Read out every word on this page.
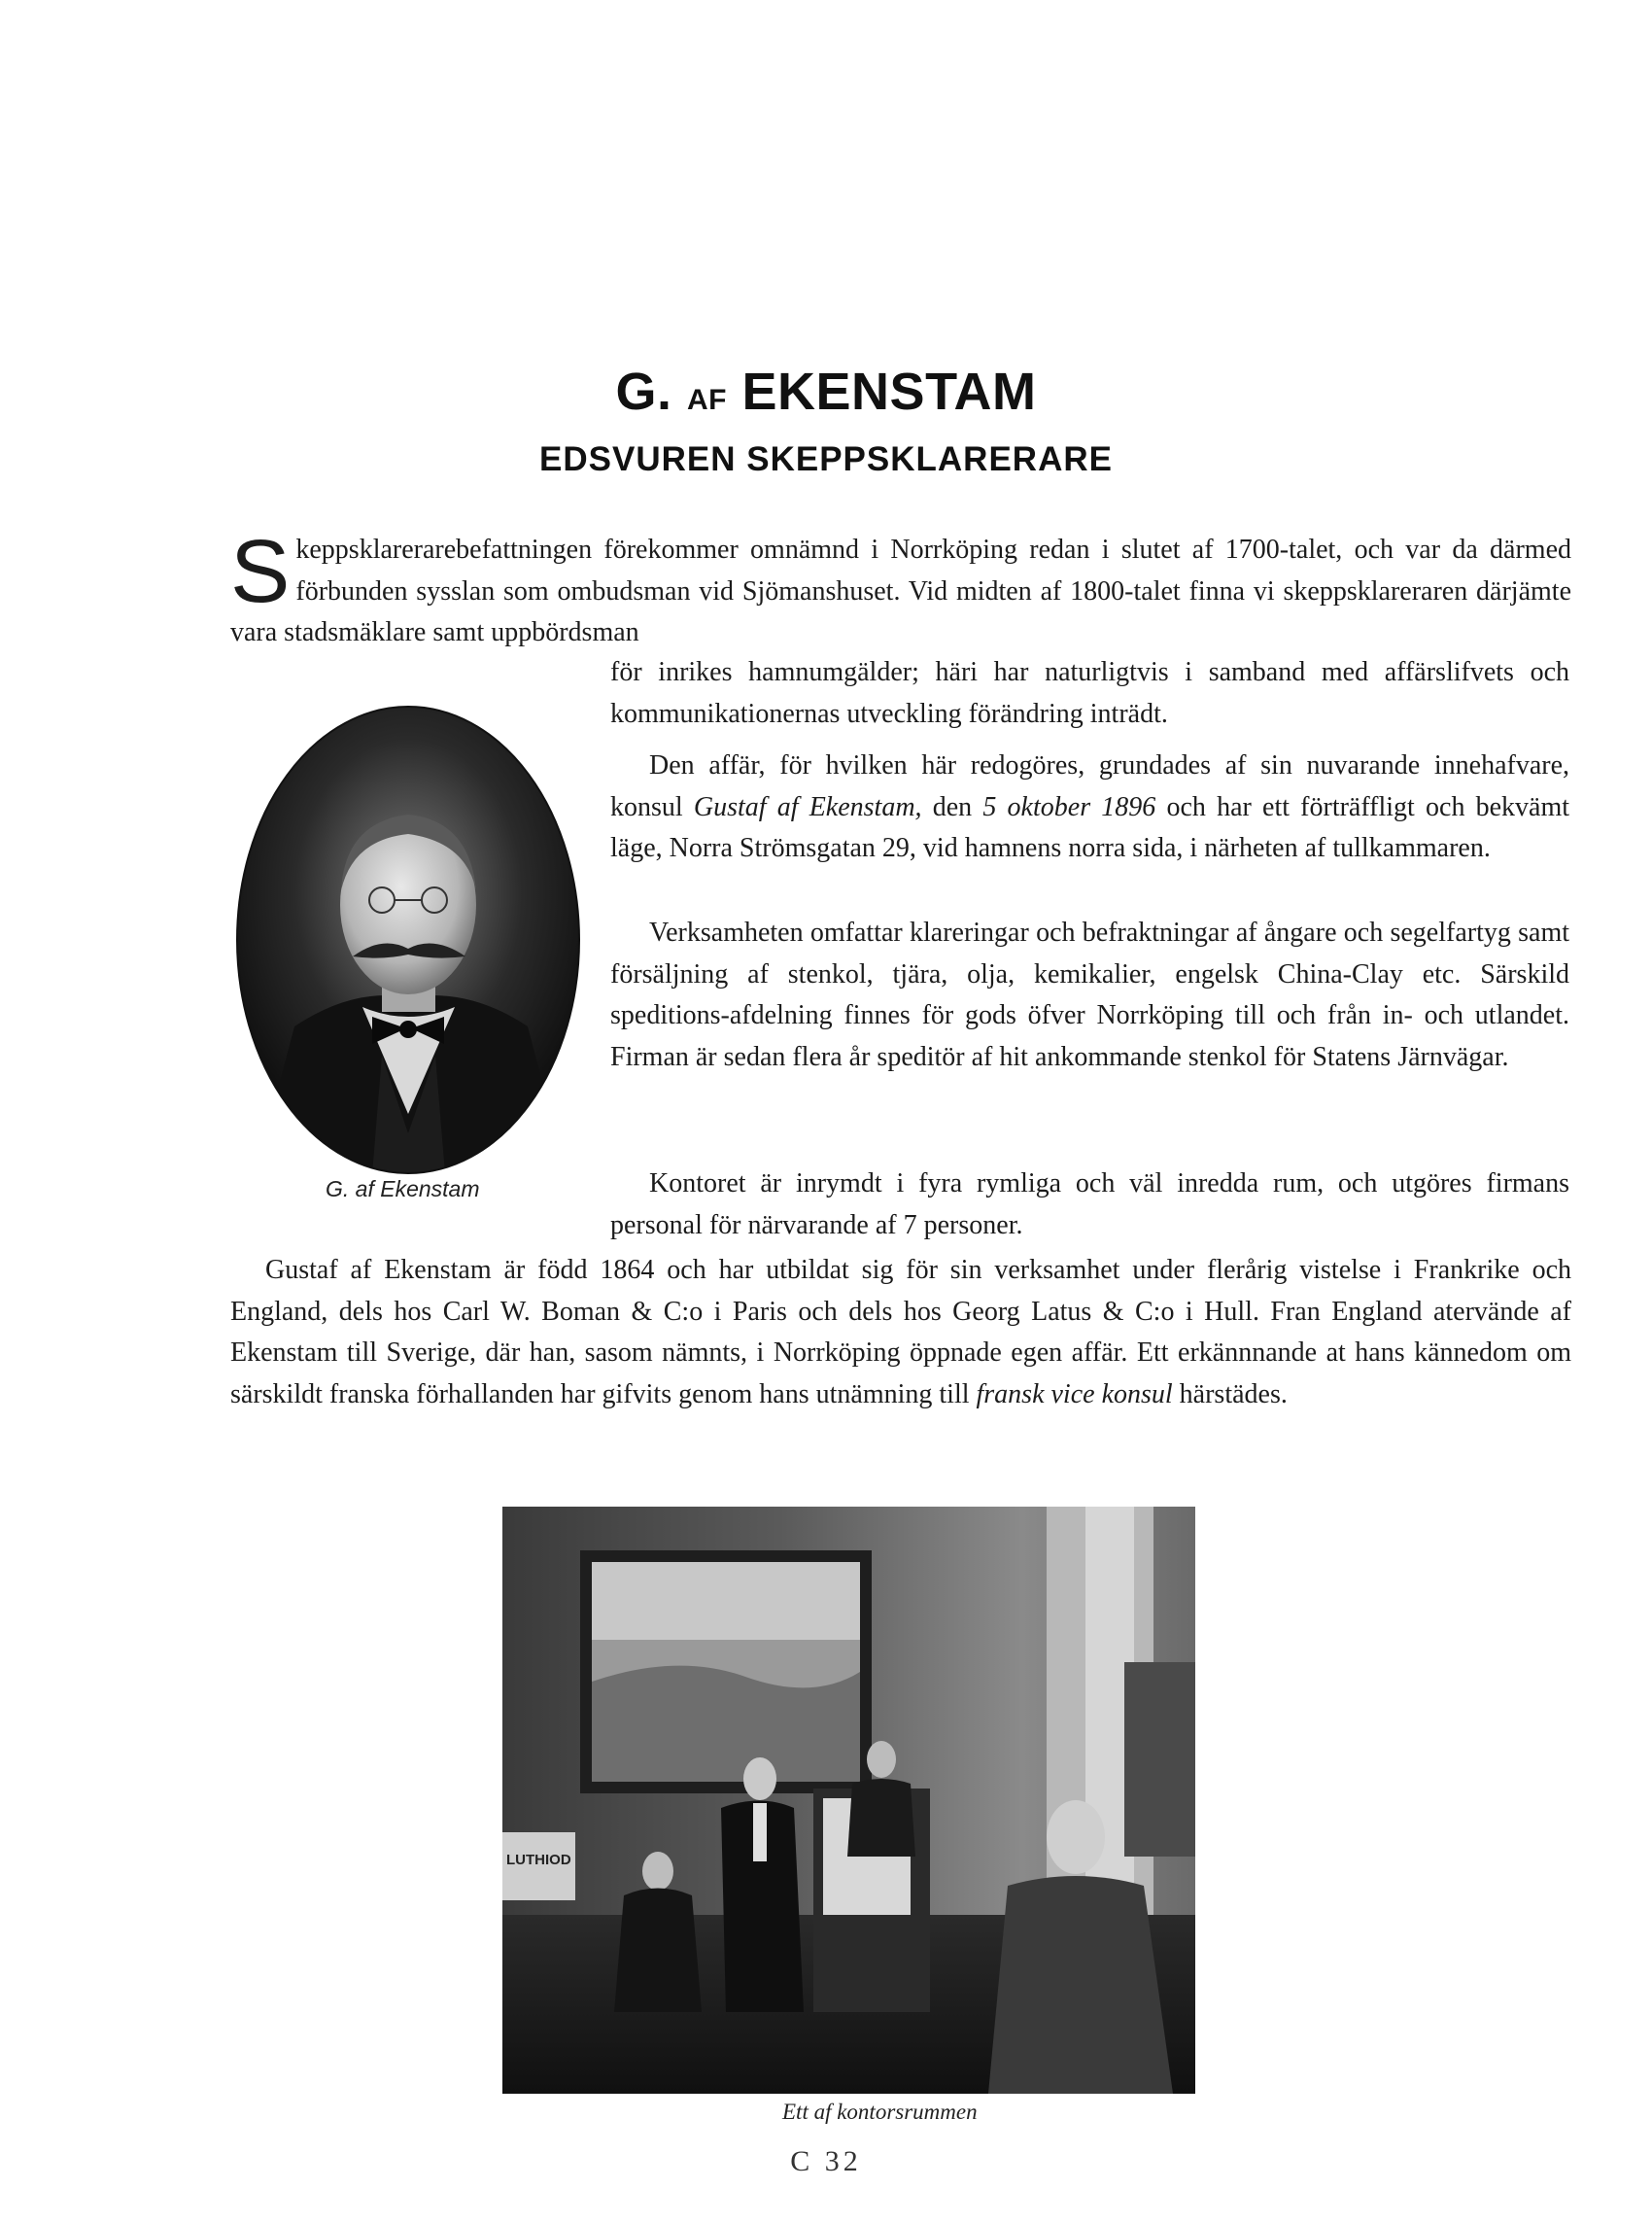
G. AF EKENSTAM
EDSVUREN SKEPPSKLARERARE

Skeppsklarerarebefattningen förekommer omnämnd i Norrköping redan i slutet af 1700-talet, och var da därmed förbunden sysslan som ombudsman vid Sjömanshuset. Vid midten af 1800-talet finna vi skeppsklareraren därjämte vara stadsmäklare samt uppbördsman

G. af Ekenstam

för inrikes hamnumgälder; häri har naturligtvis i samband med affärslifvets och kommunikationernas utveckling förändring inträdt.

Den affär, för hvilken här redogöres, grundades af sin nuvarande innehafvare, konsul Gustaf af Ekenstam, den 5 oktober 1896 och har ett förträffligt och bekvämt läge, Norra Strömsgatan 29, vid hamnens norra sida, i närheten af tullkammaren.

Verksamheten omfattar klareringar och befraktningar af ångare och segelfartyg samt försäljning af stenkol, tjära, olja, kemikalier, engelsk China-Clay etc. Särskild speditions-afdelning finnes för gods öfver Norrköping till och från in- och utlandet. Firman är sedan flera år speditör af hit ankommande stenkol för Statens Järnvägar.

Kontoret är inrymdt i fyra rymliga och väl inredda rum, och utgöres firmans personal för närvarande af 7 personer.

Gustaf af Ekenstam är född 1864 och har utbildat sig för sin verksamhet under flerårig vistelse i Frankrike och England, dels hos Carl W. Boman & C:o i Paris och dels hos Georg Latus & C:o i Hull. Fran England atervände af Ekenstam till Sverige, där han, sasom nämnts, i Norrköping öppnade egen affär. Ett erkännnande at hans kännedom om särskildt franska förhallanden har gifvits genom hans utnämning till fransk vice konsul härstädes.

LUTHIOD
Ett af kontorsrummen
C 32
